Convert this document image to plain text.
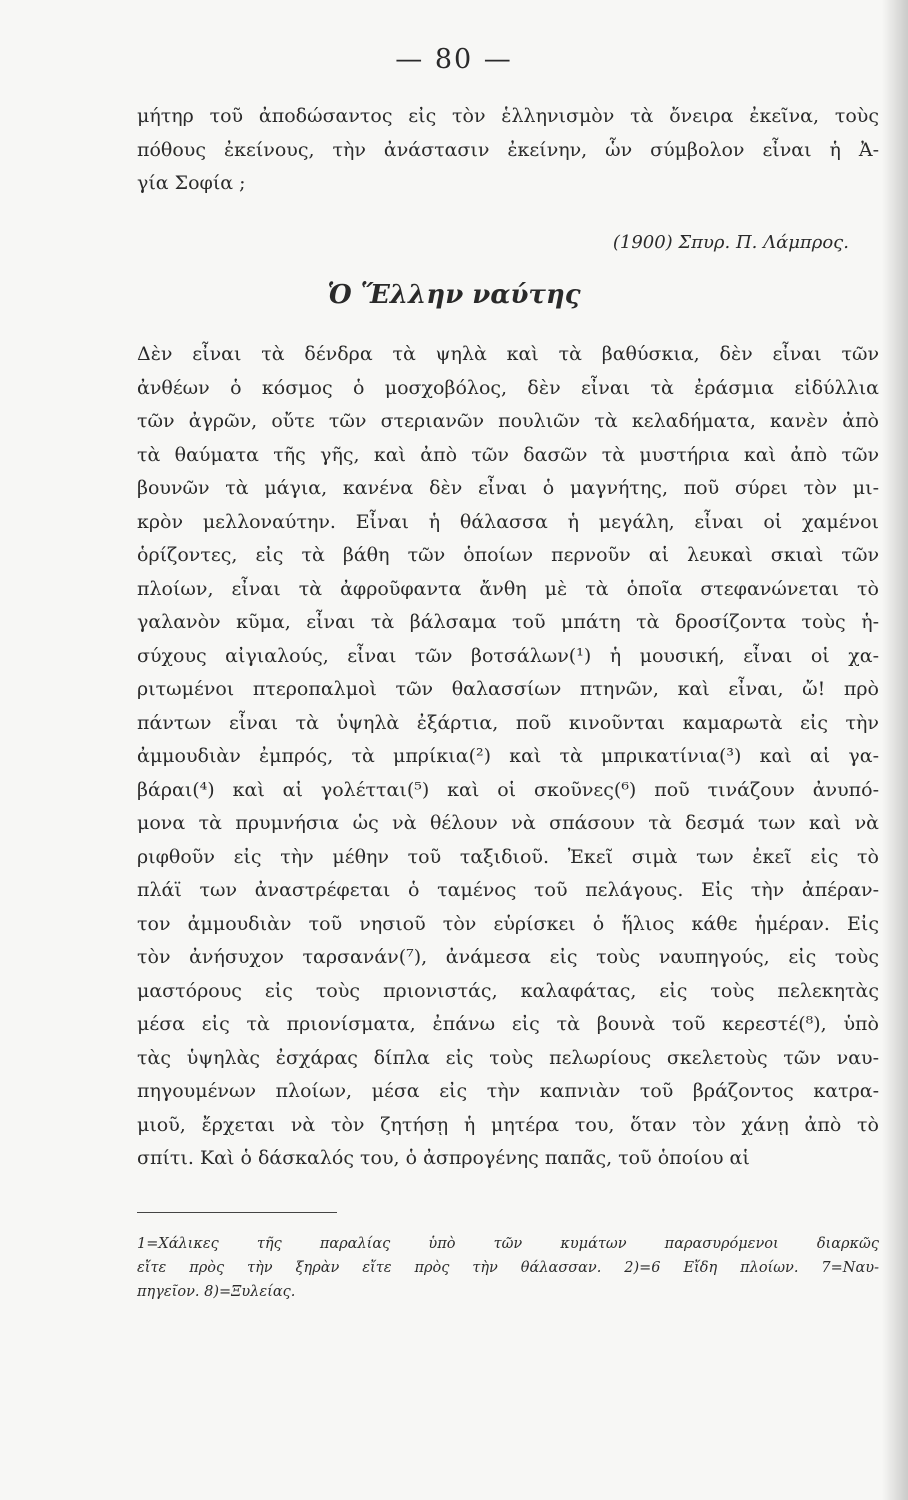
— 80 —
μήτηρ τοῦ ἀποδώσαντος εἰς τὸν ἑλληνισμὸν τὰ ὄνειρα ἐκεῖνα, τοὺς
πόθους ἐκείνους, τὴν ἀνάστασιν ἐκείνην, ὧν σύμβολον εἶναι ἡ Ἀ-
γία Σοφία ;
(1900) Σπυρ. Π. Λάμπρος.
Ὁ Ἕλλην ναύτης
Δὲν εἶναι τὰ δένδρα τὰ ψηλὰ καὶ τὰ βαθύσκια, δὲν εἶναι τῶν
ἀνθέων ὁ κόσμος ὁ μοσχοβόλος, δὲν εἶναι τὰ ἐράσμια εἰδύλλια
τῶν ἀγρῶν, οὔτε τῶν στεριανῶν πουλιῶν τὰ κελαδήματα, κανὲν ἀπὸ
τὰ θαύματα τῆς γῆς, καὶ ἀπὸ τῶν δασῶν τὰ μυστήρια καὶ ἀπὸ τῶν
βουνῶν τὰ μάγια, κανένα δὲν εἶναι ὁ μαγνήτης, ποῦ σύρει τὸν μι-
κρὸν μελλοναύτην. Εἶναι ἡ θάλασσα ἡ μεγάλη, εἶναι οἱ χαμένοι
ὁρίζοντες, εἰς τὰ βάθη τῶν ὁποίων περνοῦν αἱ λευκαὶ σκιαὶ τῶν
πλοίων, εἶναι τὰ ἀφροῦφαντα ἄνθη μὲ τὰ ὁποῖα στεφανώνεται τὸ
γαλανὸν κῦμα, εἶναι τὰ βάλσαμα τοῦ μπάτη τὰ δροσίζοντα τοὺς ἡ-
σύχους αἰγιαλούς, εἶναι τῶν βοτσάλων(¹) ἡ μουσική, εἶναι οἱ χα-
ριτωμένοι πτεροπαλμοὶ τῶν θαλασσίων πτηνῶν, καὶ εἶναι, ὤ! πρὸ
πάντων εἶναι τὰ ὑψηλὰ ἐξάρτια, ποῦ κινοῦνται καμαρωτὰ εἰς τὴν
ἀμμουδιὰν ἐμπρός, τὰ μπρίκια(²) καὶ τὰ μπρικατίνια(³) καὶ αἱ γα-
βάραι(⁴) καὶ αἱ γολέτται(⁵) καὶ οἱ σκοῦνες(⁶) ποῦ τινάζουν ἀνυπό-
μονα τὰ πρυμνήσια ὡς νὰ θέλουν νὰ σπάσουν τὰ δεσμά των καὶ νὰ
ριφθοῦν εἰς τὴν μέθην τοῦ ταξιδιοῦ. Ἐκεῖ σιμὰ των ἐκεῖ εἰς τὸ
πλάϊ των ἀναστρέφεται ὁ ταμένος τοῦ πελάγους. Εἰς τὴν ἀπέραν-
τον ἀμμουδιὰν τοῦ νησιοῦ τὸν εὑρίσκει ὁ ἥλιος κάθε ἡμέραν. Εἰς
τὸν ἀνήσυχον ταρσανάν(⁷), ἀνάμεσα εἰς τοὺς ναυπηγούς, εἰς τοὺς
μαστόρους εἰς τοὺς πριονιστάς, καλαφάτας, εἰς τοὺς πελεκητὰς
μέσα εἰς τὰ πριονίσματα, ἐπάνω εἰς τὰ βουνὰ τοῦ κερεστέ(⁸), ὑπὸ
τὰς ὑψηλὰς ἐσχάρας δίπλα εἰς τοὺς πελωρίους σκελετοὺς τῶν ναυ-
πηγουμένων πλοίων, μέσα εἰς τὴν καπνιὰν τοῦ βράζοντος κατρα-
μιοῦ, ἔρχεται νὰ τὸν ζητήσῃ ἡ μητέρα του, ὅταν τὸν χάνῃ ἀπὸ τὸ
σπίτι. Καὶ ὁ δάσκαλός του, ὁ ἀσπρογένης παπᾶς, τοῦ ὁποίου αἱ
1=Χάλικες τῆς παραλίας ὑπὸ τῶν κυμάτων παρασυρόμενοι διαρκῶς
εἴτε πρὸς τὴν ξηρὰν εἴτε πρὸς τὴν θάλασσαν. 2)=6 Εἴδη πλοίων. 7=Ναυ-
πηγεῖον. 8)=Ξυλείας.
